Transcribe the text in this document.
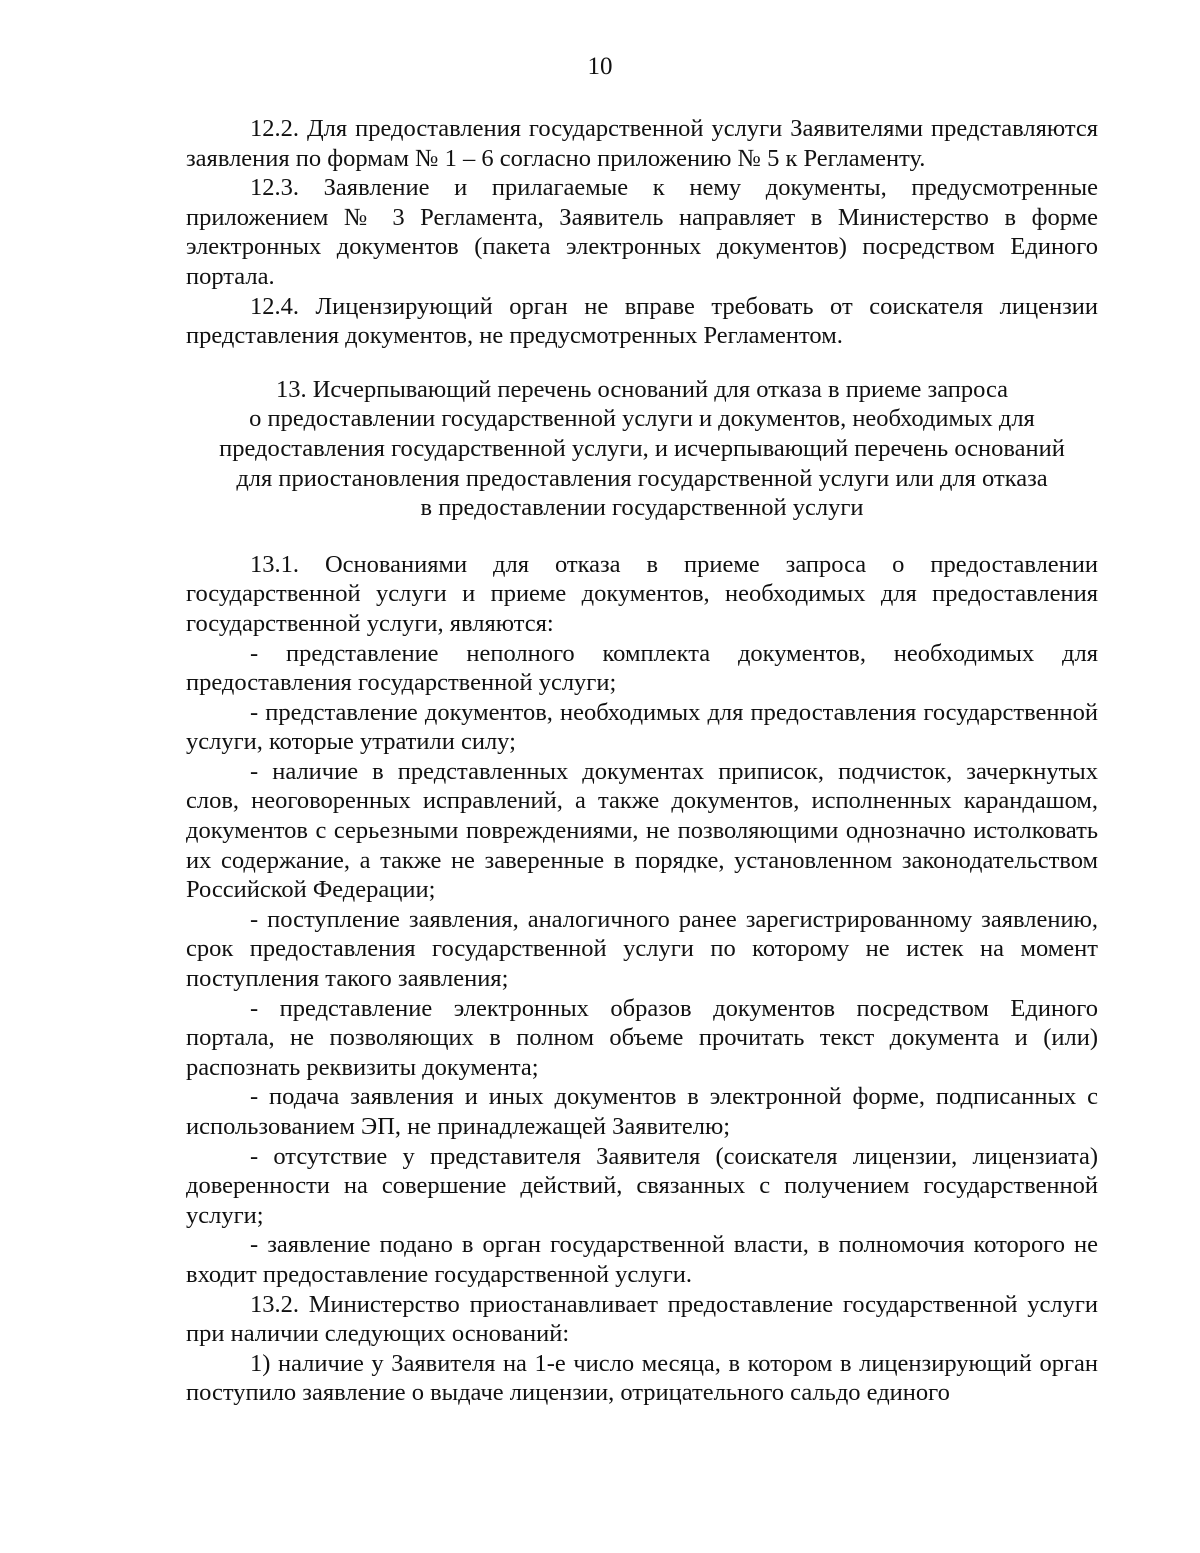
10

12.2. Для предоставления государственной услуги Заявителями представляются заявления по формам № 1 – 6 согласно приложению № 5 к Регламенту.

12.3. Заявление и прилагаемые к нему документы, предусмотренные приложением № 3 Регламента, Заявитель направляет в Министерство в форме электронных документов (пакета электронных документов) посредством Единого портала.

12.4. Лицензирующий орган не вправе требовать от соискателя лицензии представления документов, не предусмотренных Регламентом.

13. Исчерпывающий перечень оснований для отказа в приеме запроса
о предоставлении государственной услуги и документов, необходимых для
предоставления государственной услуги, и исчерпывающий перечень оснований
для приостановления предоставления государственной услуги или для отказа
в предоставлении государственной услуги

13.1. Основаниями для отказа в приеме запроса о предоставлении государственной услуги и приеме документов, необходимых для предоставления государственной услуги, являются:

- представление неполного комплекта документов, необходимых для предоставления государственной услуги;

- представление документов, необходимых для предоставления государственной услуги, которые утратили силу;

- наличие в представленных документах приписок, подчисток, зачеркнутых слов, неоговоренных исправлений, а также документов, исполненных карандашом, документов с серьезными повреждениями, не позволяющими однозначно истолковать их содержание, а также не заверенные в порядке, установленном законодательством Российской Федерации;

- поступление заявления, аналогичного ранее зарегистрированному заявлению, срок предоставления государственной услуги по которому не истек на момент поступления такого заявления;

- представление электронных образов документов посредством Единого портала, не позволяющих в полном объеме прочитать текст документа и (или) распознать реквизиты документа;

- подача заявления и иных документов в электронной форме, подписанных с использованием ЭП, не принадлежащей Заявителю;

- отсутствие у представителя Заявителя (соискателя лицензии, лицензиата) доверенности на совершение действий, связанных с получением государственной услуги;

- заявление подано в орган государственной власти, в полномочия которого не входит предоставление государственной услуги.

13.2. Министерство приостанавливает предоставление государственной услуги при наличии следующих оснований:

1) наличие у Заявителя на 1-е число месяца, в котором в лицензирующий орган поступило заявление о выдаче лицензии, отрицательного сальдо единого
